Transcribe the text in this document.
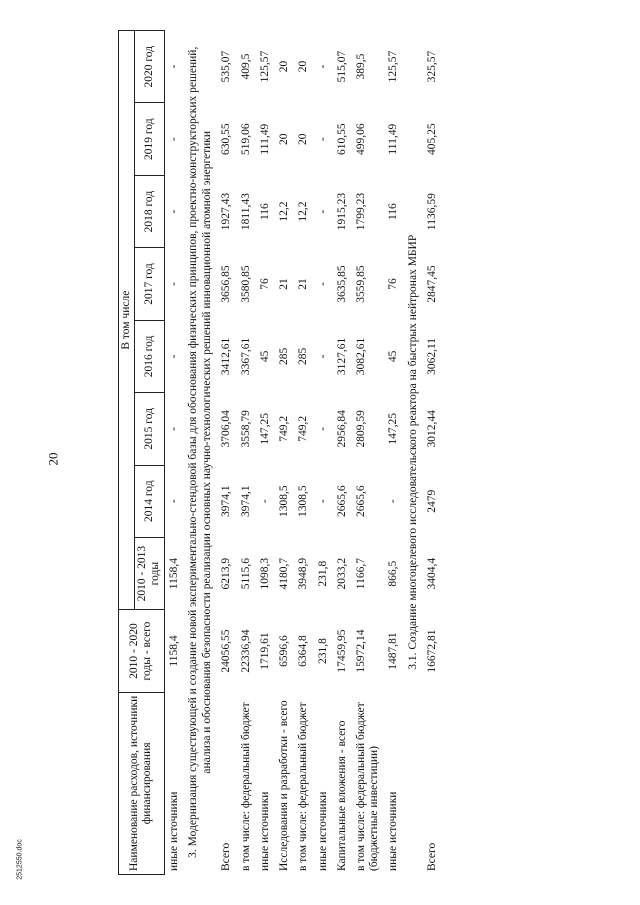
20
2512550.doc	Наименование расходов, источники финансирования	2010 - 2020 годы - всего	В том числе							
		2010 - 2013 годы	2014 год	2015 год	2016 год	2017 год	2018 год	2019 год	2020 год
иные источники	1158,4	1158,4	-	-	-	-	-	-	-
3. Модернизация существующей и создание новой экспериментально-стендовой базы для обоснования физических принципов, проектно-конструкторских решений, анализа и обоснования безопасности реализации основных научно-технологических решений инновационной атомной энергетики									
Всего	24056,55	6213,9	3974,1	3706,04	3412,61	3656,85	1927,43	630,55	535,07
в том числе: федеральный бюджет	22336,94	5115,6	3974,1	3558,79	3367,61	3580,85	1811,43	519,06	409,5
иные источники	1719,61	1098,3	-	147,25	45	76	116	111,49	125,57
Исследования и разработки - всего	6596,6	4180,7	1308,5	749,2	285	21	12,2	20	20
в том числе: федеральный бюджет	6364,8	3948,9	1308,5	749,2	285	21	12,2	20	20
иные источники	231,8	231,8	-	-	-	-	-	-	-
Капитальные вложения - всего	17459,95	2033,2	2665,6	2956,84	3127,61	3635,85	1915,23	610,55	515,07
в том числе: федеральный бюджет (бюджетные инвестиции)	15972,14	1166,7	2665,6	2809,59	3082,61	3559,85	1799,23	499,06	389,5
иные источники	1487,81	866,5	-	147,25	45	76	116	111,49	125,57
3.1. Создание многоцелевого исследовательского реактора на быстрых нейтронах МБИР									
Всего	16672,81	3404,4	2479	3012,44	3062,11	2847,45	1136,59	405,25	325,57
